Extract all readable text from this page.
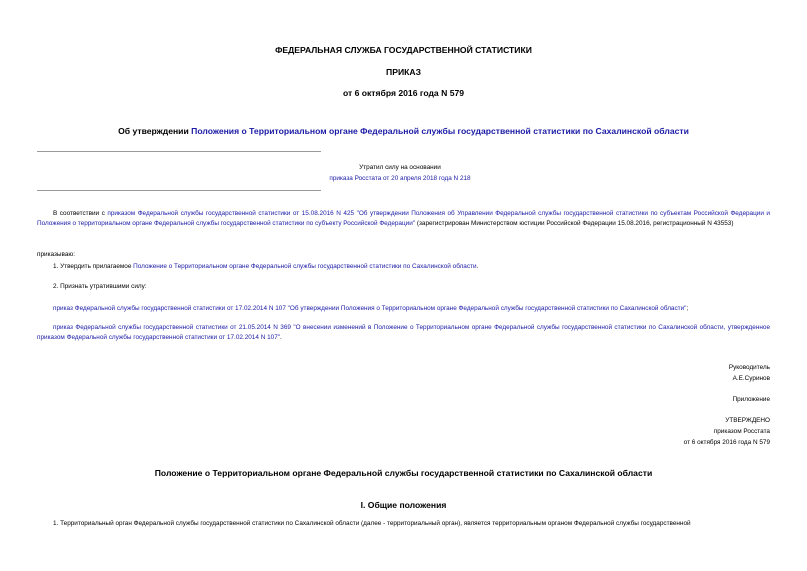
ФЕДЕРАЛЬНАЯ СЛУЖБА ГОСУДАРСТВЕННОЙ СТАТИСТИКИ
ПРИКАЗ
от 6 октября 2016 года N 579
Об утверждении Положения о Территориальном органе Федеральной службы государственной статистики по Сахалинской области
Утратил силу на основании
приказа Росстата от 20 апреля 2018 года N 218
В соответствии с приказом Федеральной службы государственной статистики от 15.08.2016 N 425 "Об утверждении Положения об Управлении Федеральной службы государственной статистики по субъектам Российской Федерации и Положения о территориальном органе Федеральной службы государственной статистики по субъекту Российской Федерации" (зарегистрирован Министерством юстиции Российской Федерации 15.08.2016, регистрационный N 43553)
приказываю:
1. Утвердить прилагаемое Положение о Территориальном органе Федеральной службы государственной статистики по Сахалинской области.
2. Признать утратившими силу:
приказ Федеральной службы государственной статистики от 17.02.2014 N 107 "Об утверждении Положения о Территориальном органе Федеральной службы государственной статистики по Сахалинской области";
приказ Федеральной службы государственной статистики от 21.05.2014 N 369 "О внесении изменений в Положение о Территориальном органе Федеральной службы государственной статистики по Сахалинской области, утвержденное приказом Федеральной службы государственной статистики от 17.02.2014 N 107".
Руководитель
А.Е.Суринов
Приложение
УТВЕРЖДЕНО
приказом Росстата
от 6 октября 2016 года N 579
Положение о Территориальном органе Федеральной службы государственной статистики по Сахалинской области
I. Общие положения
1. Территориальный орган Федеральной службы государственной статистики по Сахалинской области (далее - территориальный орган), является территориальным органом Федеральной службы государственной
